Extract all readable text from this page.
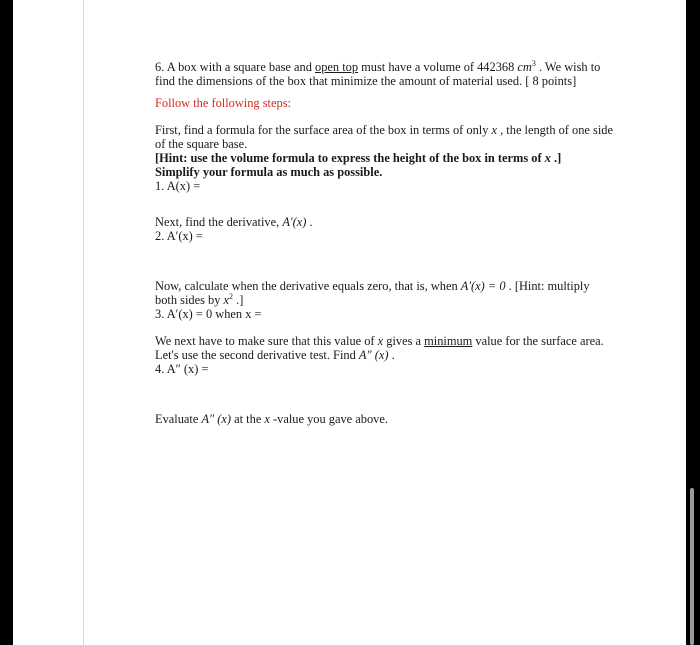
6. A box with a square base and open top must have a volume of 442368 $cm^3$ . We wish to

find the dimensions of the box that minimize the amount of material used. [ 8 points]

Follow the following steps:

First, find a formula for the surface area of the box in terms of only x , the length of one side

of the square base.

[Hint: use the volume formula to express the height of the box in terms of x .]

Simplify your formula as much as possible.

1. A(x) =

Next, find the derivative, A′(x) .

2. A′(x) =

Now, calculate when the derivative equals zero, that is, when A′(x) = 0 . [Hint: multiply

both sides by $x^2$ .]

3. A′(x) = 0 when x =

We next have to make sure that this value of x gives a minimum value for the surface area.

Let's use the second derivative test. Find A″ (x) .

4. A″ (x) =

Evaluate A″ (x) at the x -value you gave above.
